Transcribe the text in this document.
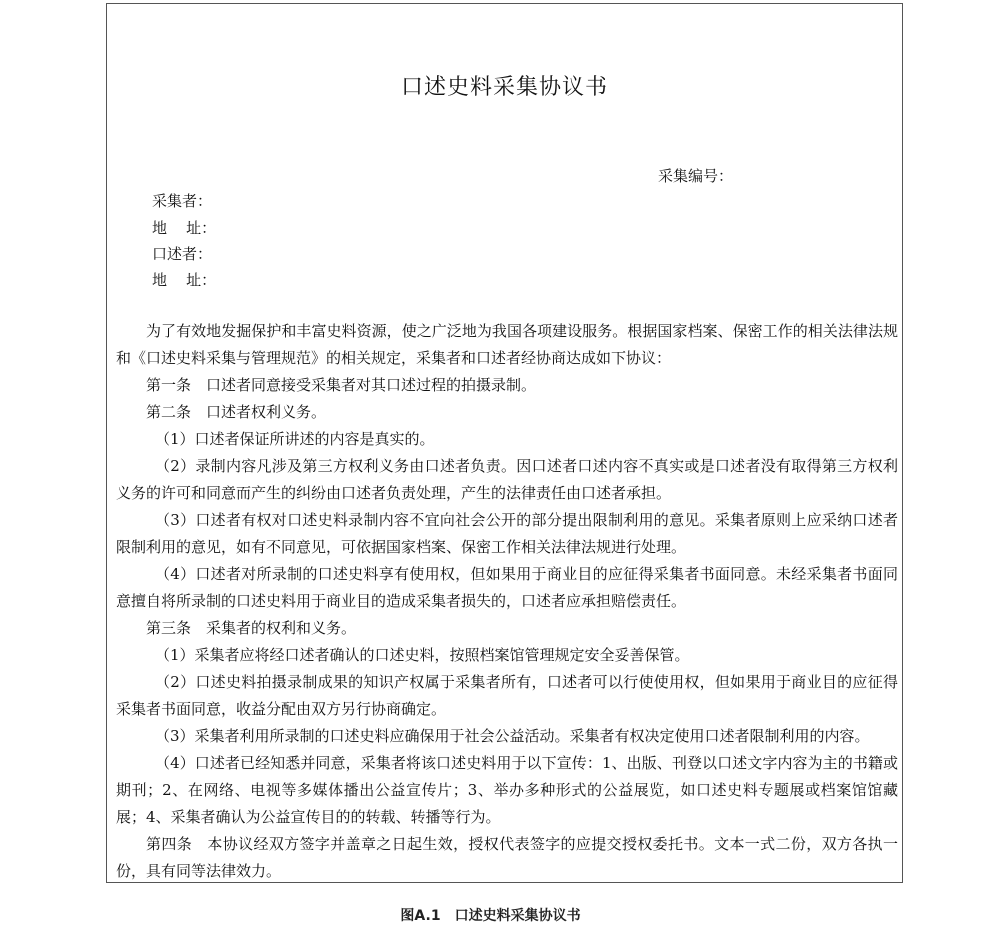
口述史料采集协议书
采集编号：
采集者：
地    址：
口述者：
地    址：

为了有效地发掘保护和丰富史料资源，使之广泛地为我国各项建设服务。根据国家档案、保密工作的相关法律法规和《口述史料采集与管理规范》的相关规定，采集者和口述者经协商达成如下协议：

第一条　口述者同意接受采集者对其口述过程的拍摄录制。

第二条　口述者权利义务。

（1）口述者保证所讲述的内容是真实的。

（2）录制内容凡涉及第三方权利义务由口述者负责。因口述者口述内容不真实或是口述者没有取得第三方权利义务的许可和同意而产生的纠纷由口述者负责处理，产生的法律责任由口述者承担。

（3）口述者有权对口述史料录制内容不宜向社会公开的部分提出限制利用的意见。采集者原则上应采纳口述者限制利用的意见，如有不同意见，可依据国家档案、保密工作相关法律法规进行处理。

（4）口述者对所录制的口述史料享有使用权，但如果用于商业目的应征得采集者书面同意。未经采集者书面同意擅自将所录制的口述史料用于商业目的造成采集者损失的，口述者应承担赔偿责任。

第三条　采集者的权利和义务。

（1）采集者应将经口述者确认的口述史料，按照档案馆管理规定安全妥善保管。

（2）口述史料拍摄录制成果的知识产权属于采集者所有，口述者可以行使使用权，但如果用于商业目的应征得采集者书面同意，收益分配由双方另行协商确定。

（3）采集者利用所录制的口述史料应确保用于社会公益活动。采集者有权决定使用口述者限制利用的内容。

（4）口述者已经知悉并同意，采集者将该口述史料用于以下宣传：1、出版、刊登以口述文字内容为主的书籍或期刊；2、在网络、电视等多媒体播出公益宣传片；3、举办多种形式的公益展览，如口述史料专题展或档案馆馆藏展；4、采集者确认为公益宣传目的的转载、转播等行为。

第四条　本协议经双方签字并盖章之日起生效，授权代表签字的应提交授权委托书。文本一式二份，双方各执一份，具有同等法律效力。

图A.1　口述史料采集协议书
